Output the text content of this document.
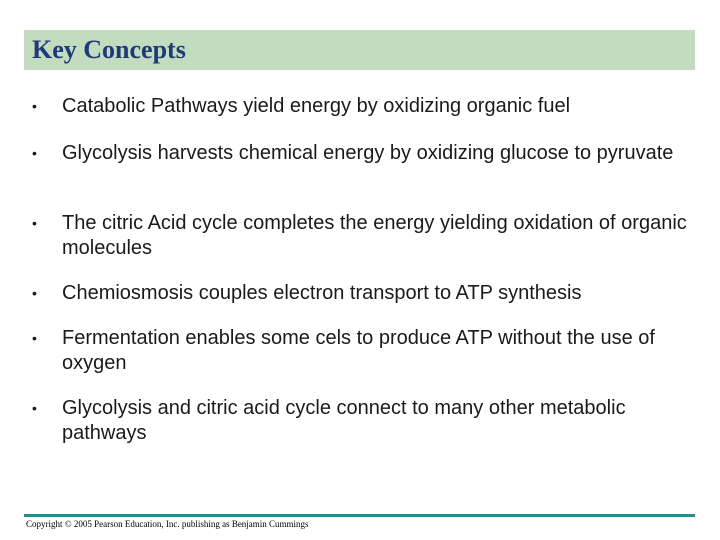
Key Concepts
•	Catabolic Pathways yield energy by oxidizing organic fuel
•	Glycolysis harvests chemical energy by oxidizing glucose to pyruvate
•	The citric Acid cycle completes the energy yielding oxidation of organic molecules
•	Chemiosmosis couples electron transport to ATP synthesis
•	Fermentation enables some cels to produce ATP without the use of oxygen
•	Glycolysis and citric acid cycle connect to many other metabolic pathways
Copyright © 2005 Pearson Education, Inc. publishing as Benjamin Cummings
